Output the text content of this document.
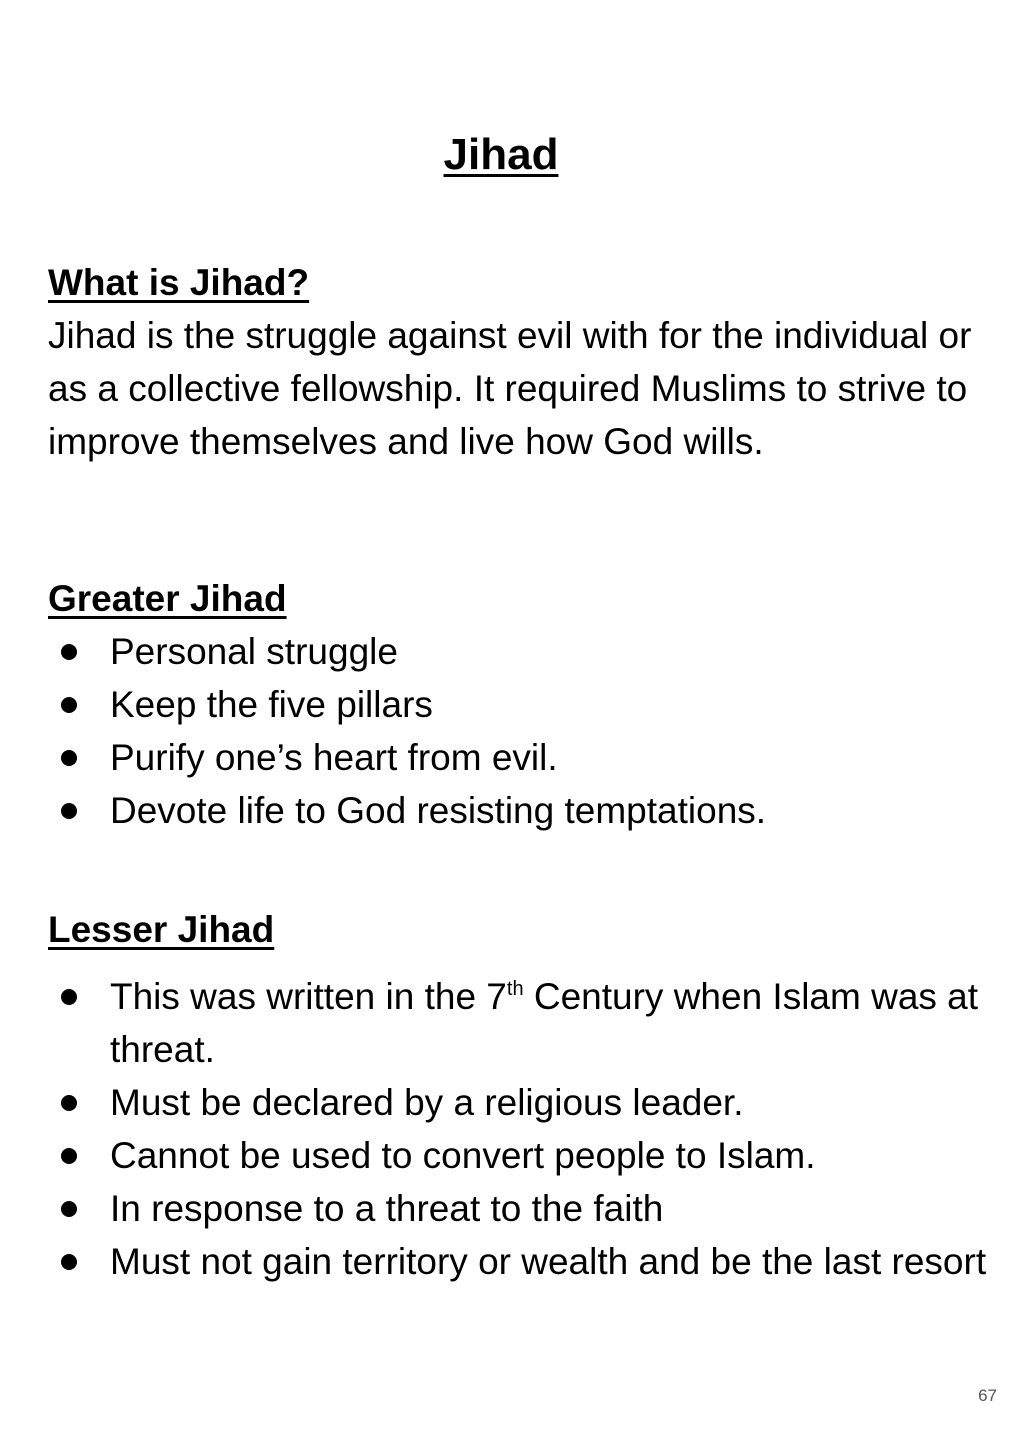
Jihad
What is Jihad?

Jihad is the struggle against evil with for the individual or as a collective fellowship. It required Muslims to strive to improve themselves and live how God wills.

Greater Jihad
Personal struggle
Keep the five pillars
Purify one’s heart from evil.
Devote life to God resisting temptations.
Lesser Jihad
This was written in the 7th Century when Islam was at threat.
Must be declared by a religious leader.
Cannot be used to convert people to Islam.
In response to a threat to the faith
Must not gain territory or wealth and be the last resort
67
